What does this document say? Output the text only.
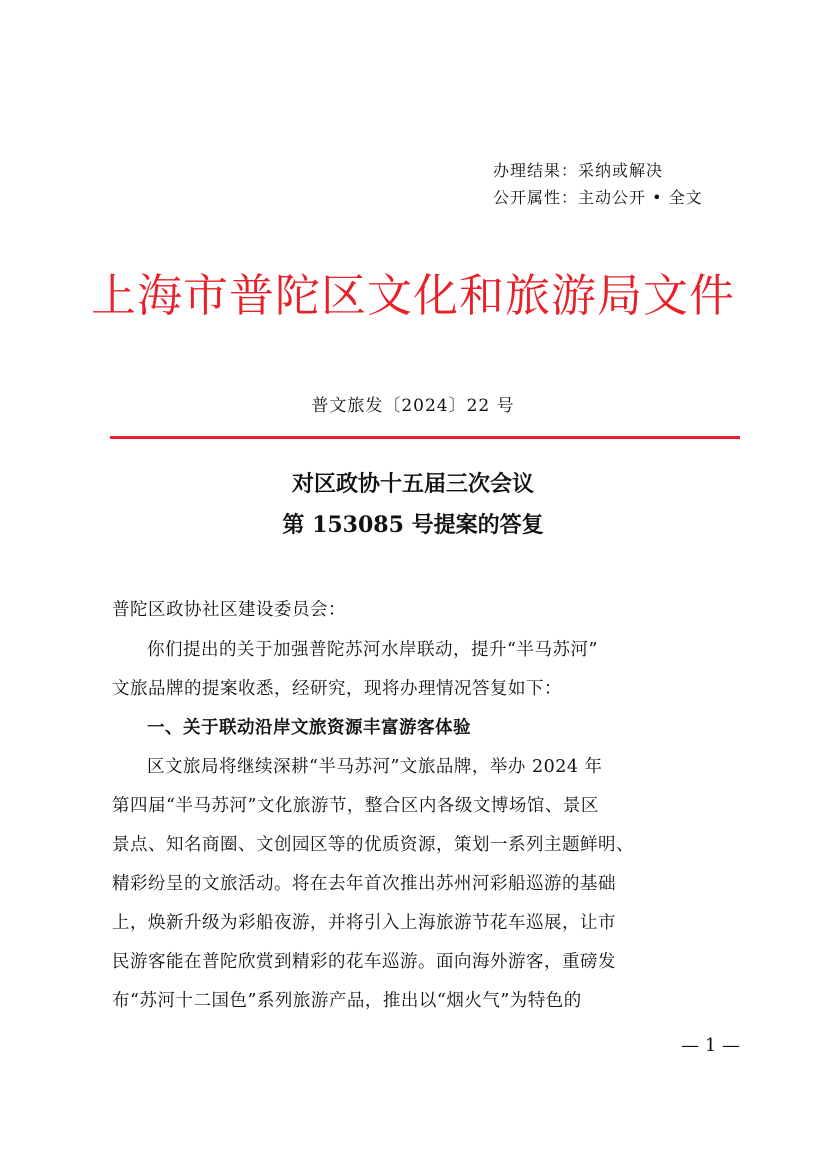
办理结果：采纳或解决
公开属性：主动公开 • 全文
上海市普陀区文化和旅游局文件
普文旅发〔2024〕22 号
对区政协十五届三次会议
第 153085 号提案的答复
普陀区政协社区建设委员会：
你们提出的关于加强普陀苏河水岸联动，提升“半马苏河”
文旅品牌的提案收悉，经研究，现将办理情况答复如下：
一、关于联动沿岸文旅资源丰富游客体验
区文旅局将继续深耕“半马苏河”文旅品牌，举办 2024 年
第四届“半马苏河”文化旅游节，整合区内各级文博场馆、景区
景点、知名商圈、文创园区等的优质资源，策划一系列主题鲜明、
精彩纷呈的文旅活动。将在去年首次推出苏州河彩船巡游的基础
上，焕新升级为彩船夜游，并将引入上海旅游节花车巡展，让市
民游客能在普陀欣赏到精彩的花车巡游。面向海外游客，重磅发
布“苏河十二国色”系列旅游产品，推出以“烟火气”为特色的
— 1 —
